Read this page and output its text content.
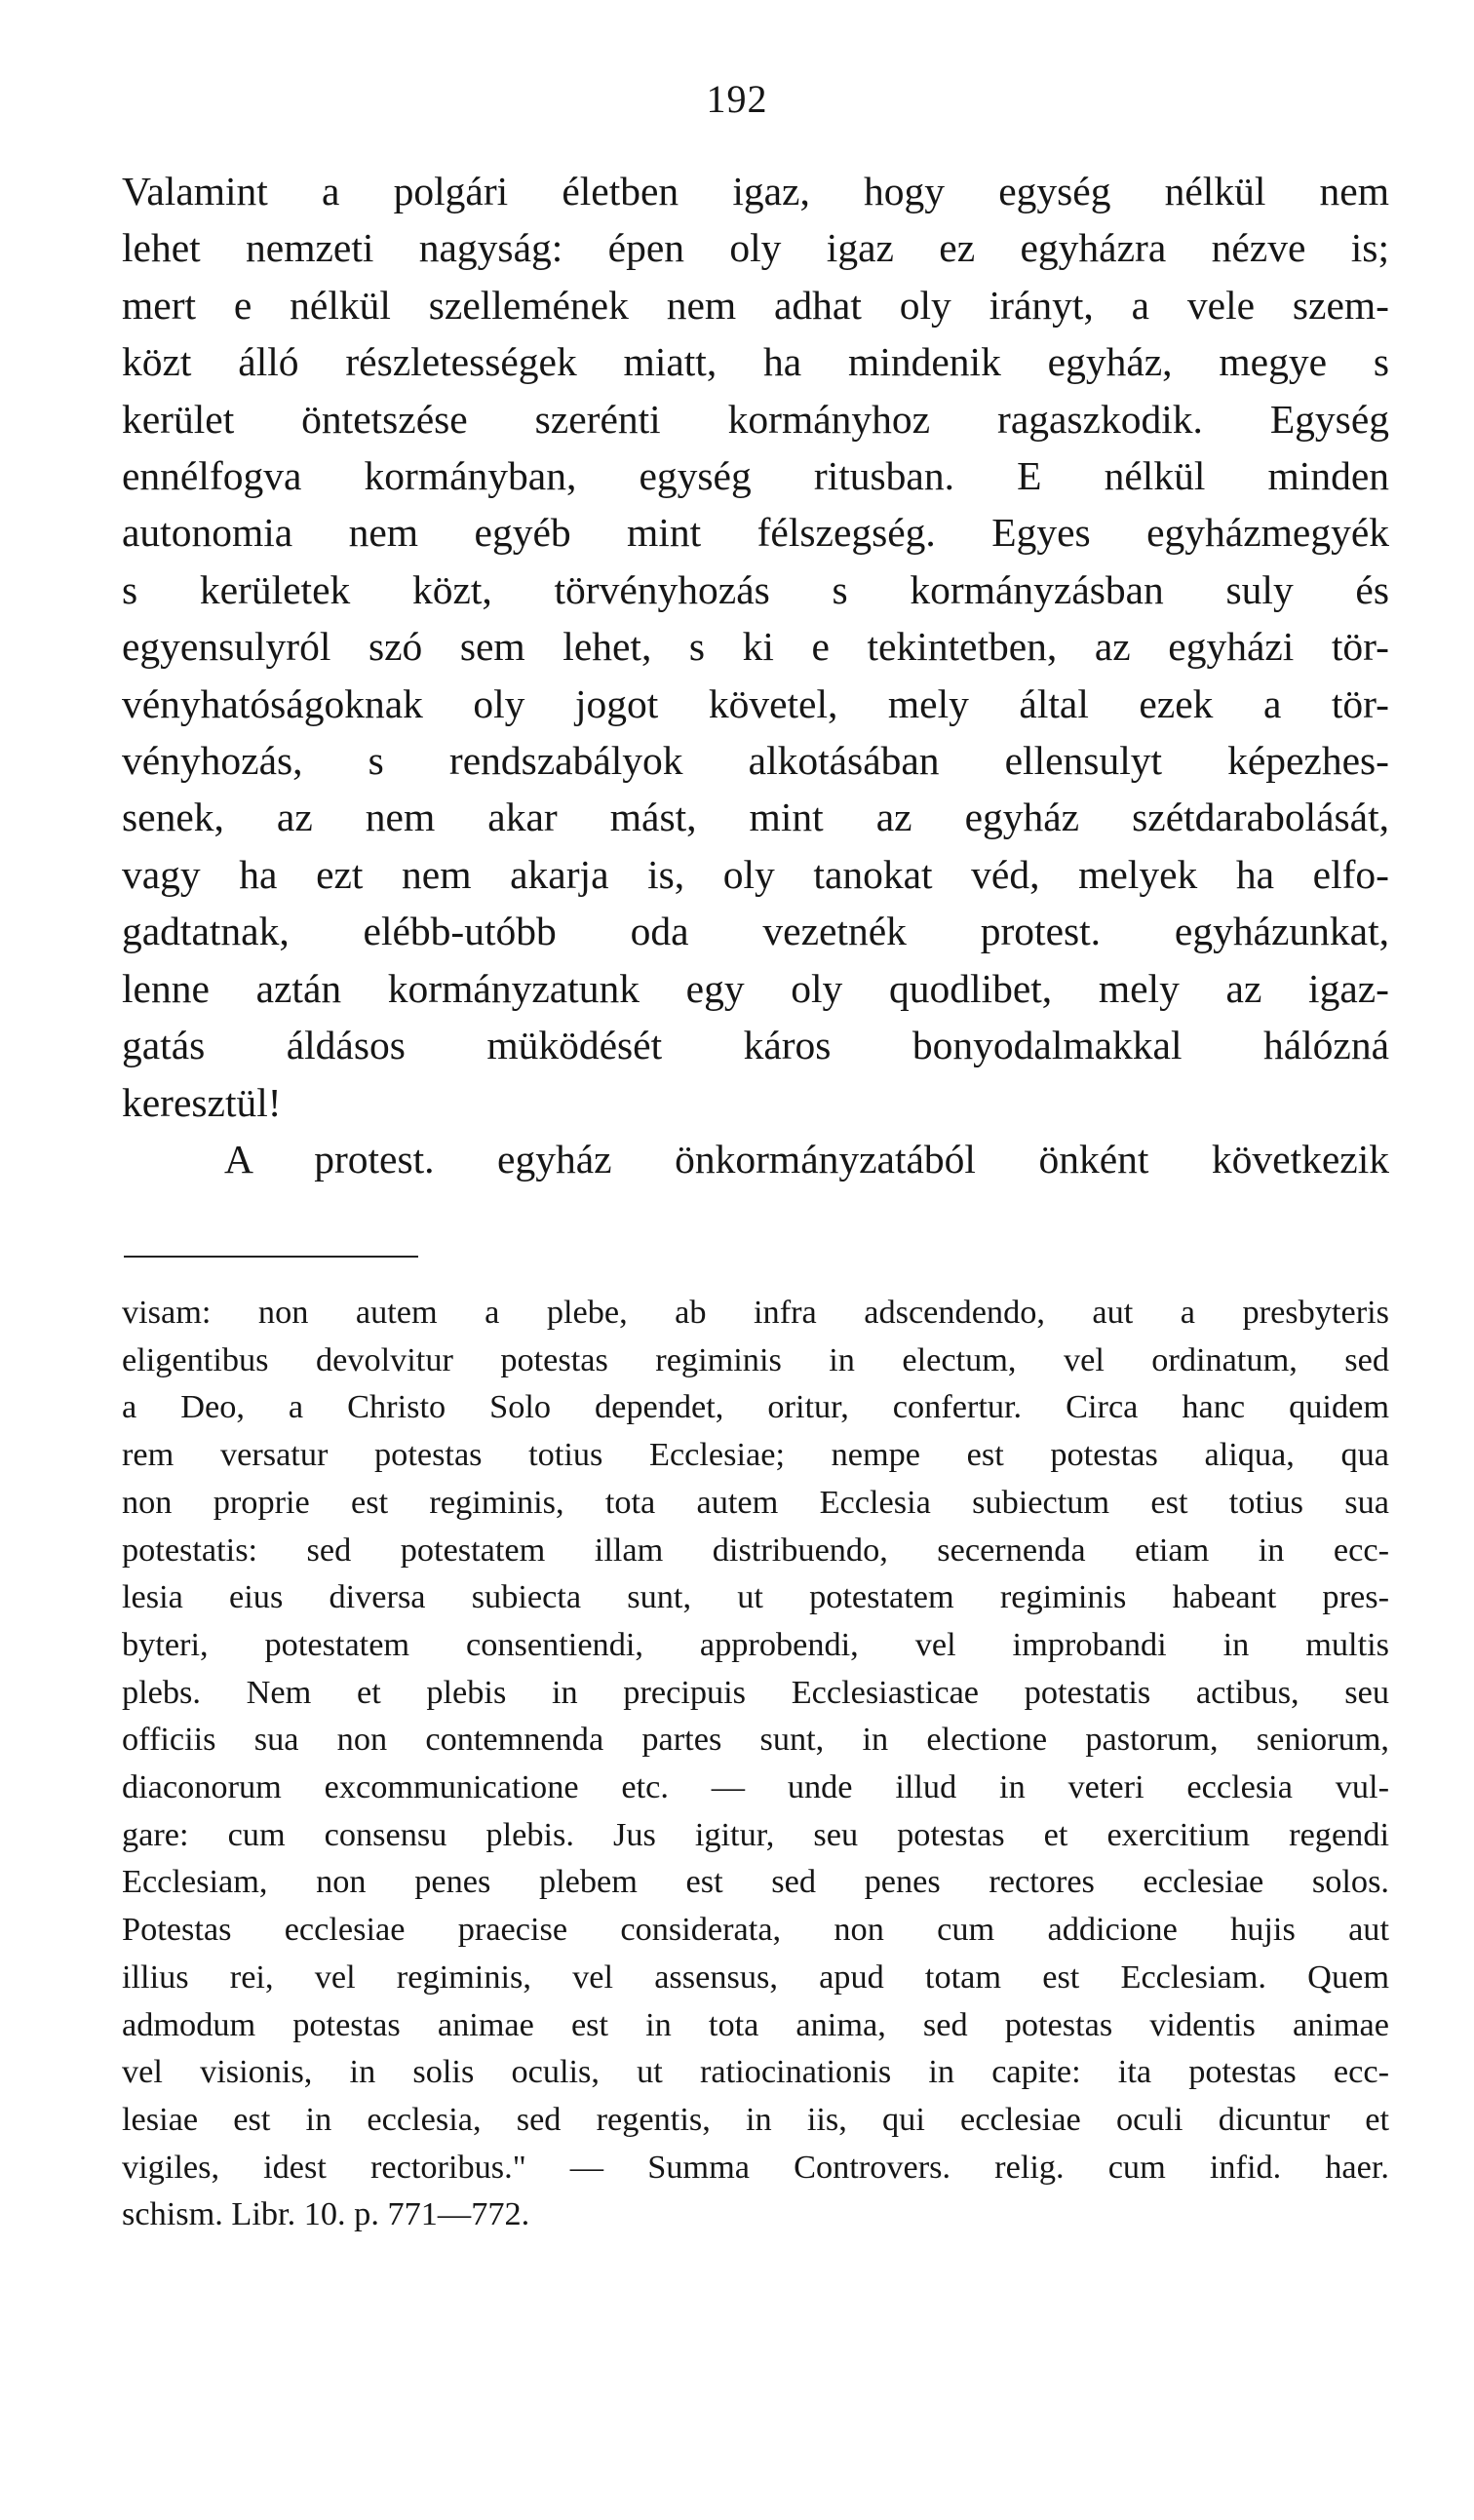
192
Valamint a polgári életben igaz, hogy egység nélkül nem
lehet nemzeti nagyság: épen oly igaz ez egyházra nézve is;
mert e nélkül szellemének nem adhat oly irányt, a vele szem-
közt álló részletességek miatt, ha mindenik egyház, megye s
kerület öntetszése szerénti kormányhoz ragaszkodik. Egység
ennélfogva kormányban, egység ritusban. E nélkül minden
autonomia nem egyéb mint félszegség. Egyes egyházmegyék
s kerületek közt, törvényhozás s kormányzásban suly és
egyensulyról szó sem lehet, s ki e tekintetben, az egyházi tör-
vényhatóságoknak oly jogot követel, mely által ezek a tör-
vényhozás, s rendszabályok alkotásában ellensulyt képezhes-
senek, az nem akar mást, mint az egyház szétdarabolását,
vagy ha ezt nem akarja is, oly tanokat véd, melyek ha elfo-
gadtatnak, elébb-utóbb oda vezetnék protest. egyházunkat,
lenne aztán kormányzatunk egy oly quodlibet, mely az igaz-
gatás áldásos müködését káros bonyodalmakkal hálózná
keresztül!
A protest. egyház önkormányzatából önként következik
visam: non autem a plebe, ab infra adscendendo, aut a presbyteris
eligentibus devolvitur potestas regiminis in electum, vel ordinatum, sed
a Deo, a Christo Solo dependet, oritur, confertur. Circa hanc quidem
rem versatur potestas totius Ecclesiae; nempe est potestas aliqua, qua
non proprie est regiminis, tota autem Ecclesia subiectum est totius sua
potestatis: sed potestatem illam distribuendo, secernenda etiam in ecc-
lesia eius diversa subiecta sunt, ut potestatem regiminis habeant pres-
byteri, potestatem consentiendi, approbendi, vel improbandi in multis
plebs. Nem et plebis in precipuis Ecclesiasticae potestatis actibus, seu
officiis sua non contemnenda partes sunt, in electione pastorum, seniorum,
diaconorum excommunicatione etc. — unde illud in veteri ecclesia vul-
gare: cum consensu plebis. Jus igitur, seu potestas et exercitium regendi
Ecclesiam, non penes plebem est sed penes rectores ecclesiae solos.
Potestas ecclesiae praecise considerata, non cum addicione hujis aut
illius rei, vel regiminis, vel assensus, apud totam est Ecclesiam. Quem
admodum potestas animae est in tota anima, sed potestas videntis animae
vel visionis, in solis oculis, ut ratiocinationis in capite: ita potestas ecc-
lesiae est in ecclesia, sed regentis, in iis, qui ecclesiae oculi dicuntur et
vigiles, idest rectoribus." — Summa Controvers. relig. cum infid. haer.
schism. Libr. 10. p. 771—772.
